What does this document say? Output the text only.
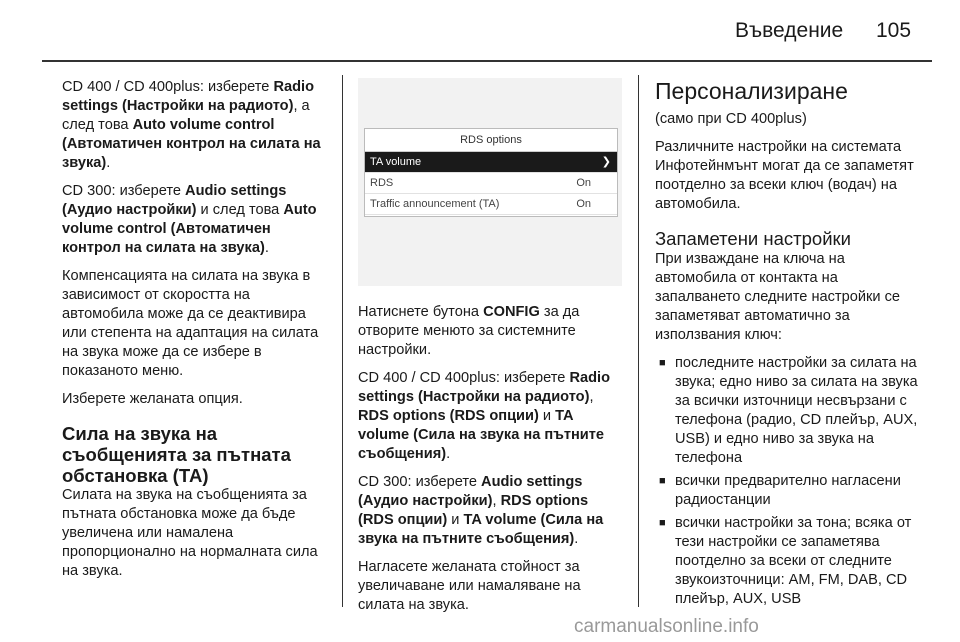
Въведение 105

CD 400 / CD 400plus: изберете Radio settings (Настройки на радиото), а след това Auto volume control (Автоматичен контрол на силата на звука).

CD 300: изберете Audio settings (Аудио настройки) и след това Auto volume control (Автоматичен контрол на силата на звука).

Компенсацията на силата на звука в зависимост от скоростта на автомобила може да се деактивира или степента на адаптация на силата на звука може да се избере в показаното меню.

Изберете желаната опция.

Сила на звука на съобщенията за пътната обстановка (ТА)

Силата на звука на съобщенията за пътната обстановка може да бъде увеличена или намалена пропорционално на нормалната сила на звука.

RDS options
TA volume	❯
RDS	On
Traffic announcement (TA)	On

Натиснете бутона CONFIG за да отворите менюто за системните настройки.

CD 400 / CD 400plus: изберете Radio settings (Настройки на радиото), RDS options (RDS опции) и TA volume (Сила на звука на пътните съобщения).

CD 300: изберете Audio settings (Аудио настройки), RDS options (RDS опции) и TA volume (Сила на звука на пътните съобщения).

Нагласете желаната стойност за увеличаване или намаляване на силата на звука.

Персонализиране

(само при CD 400plus)

Различните настройки на системата Инфотейнмънт могат да се запаметят поотделно за всеки ключ (водач) на автомобила.

Запаметени настройки

При изваждане на ключа на автомобила от контакта на запалването следните настройки се запаметяват автоматично за използвания ключ:

■ последните настройки за силата на звука; едно ниво за силата на звука за всички източници несвързани с телефона (радио, CD плейър, AUX, USB) и едно ниво за звука на телефона
■ всички предварително нагласени радиостанции
■ всички настройки за тона; всяка от тези настройки се запаметява поотделно за всеки от следните звукоизточници: AM, FM, DAB, CD плейър, AUX, USB
carmanualsonline.info
